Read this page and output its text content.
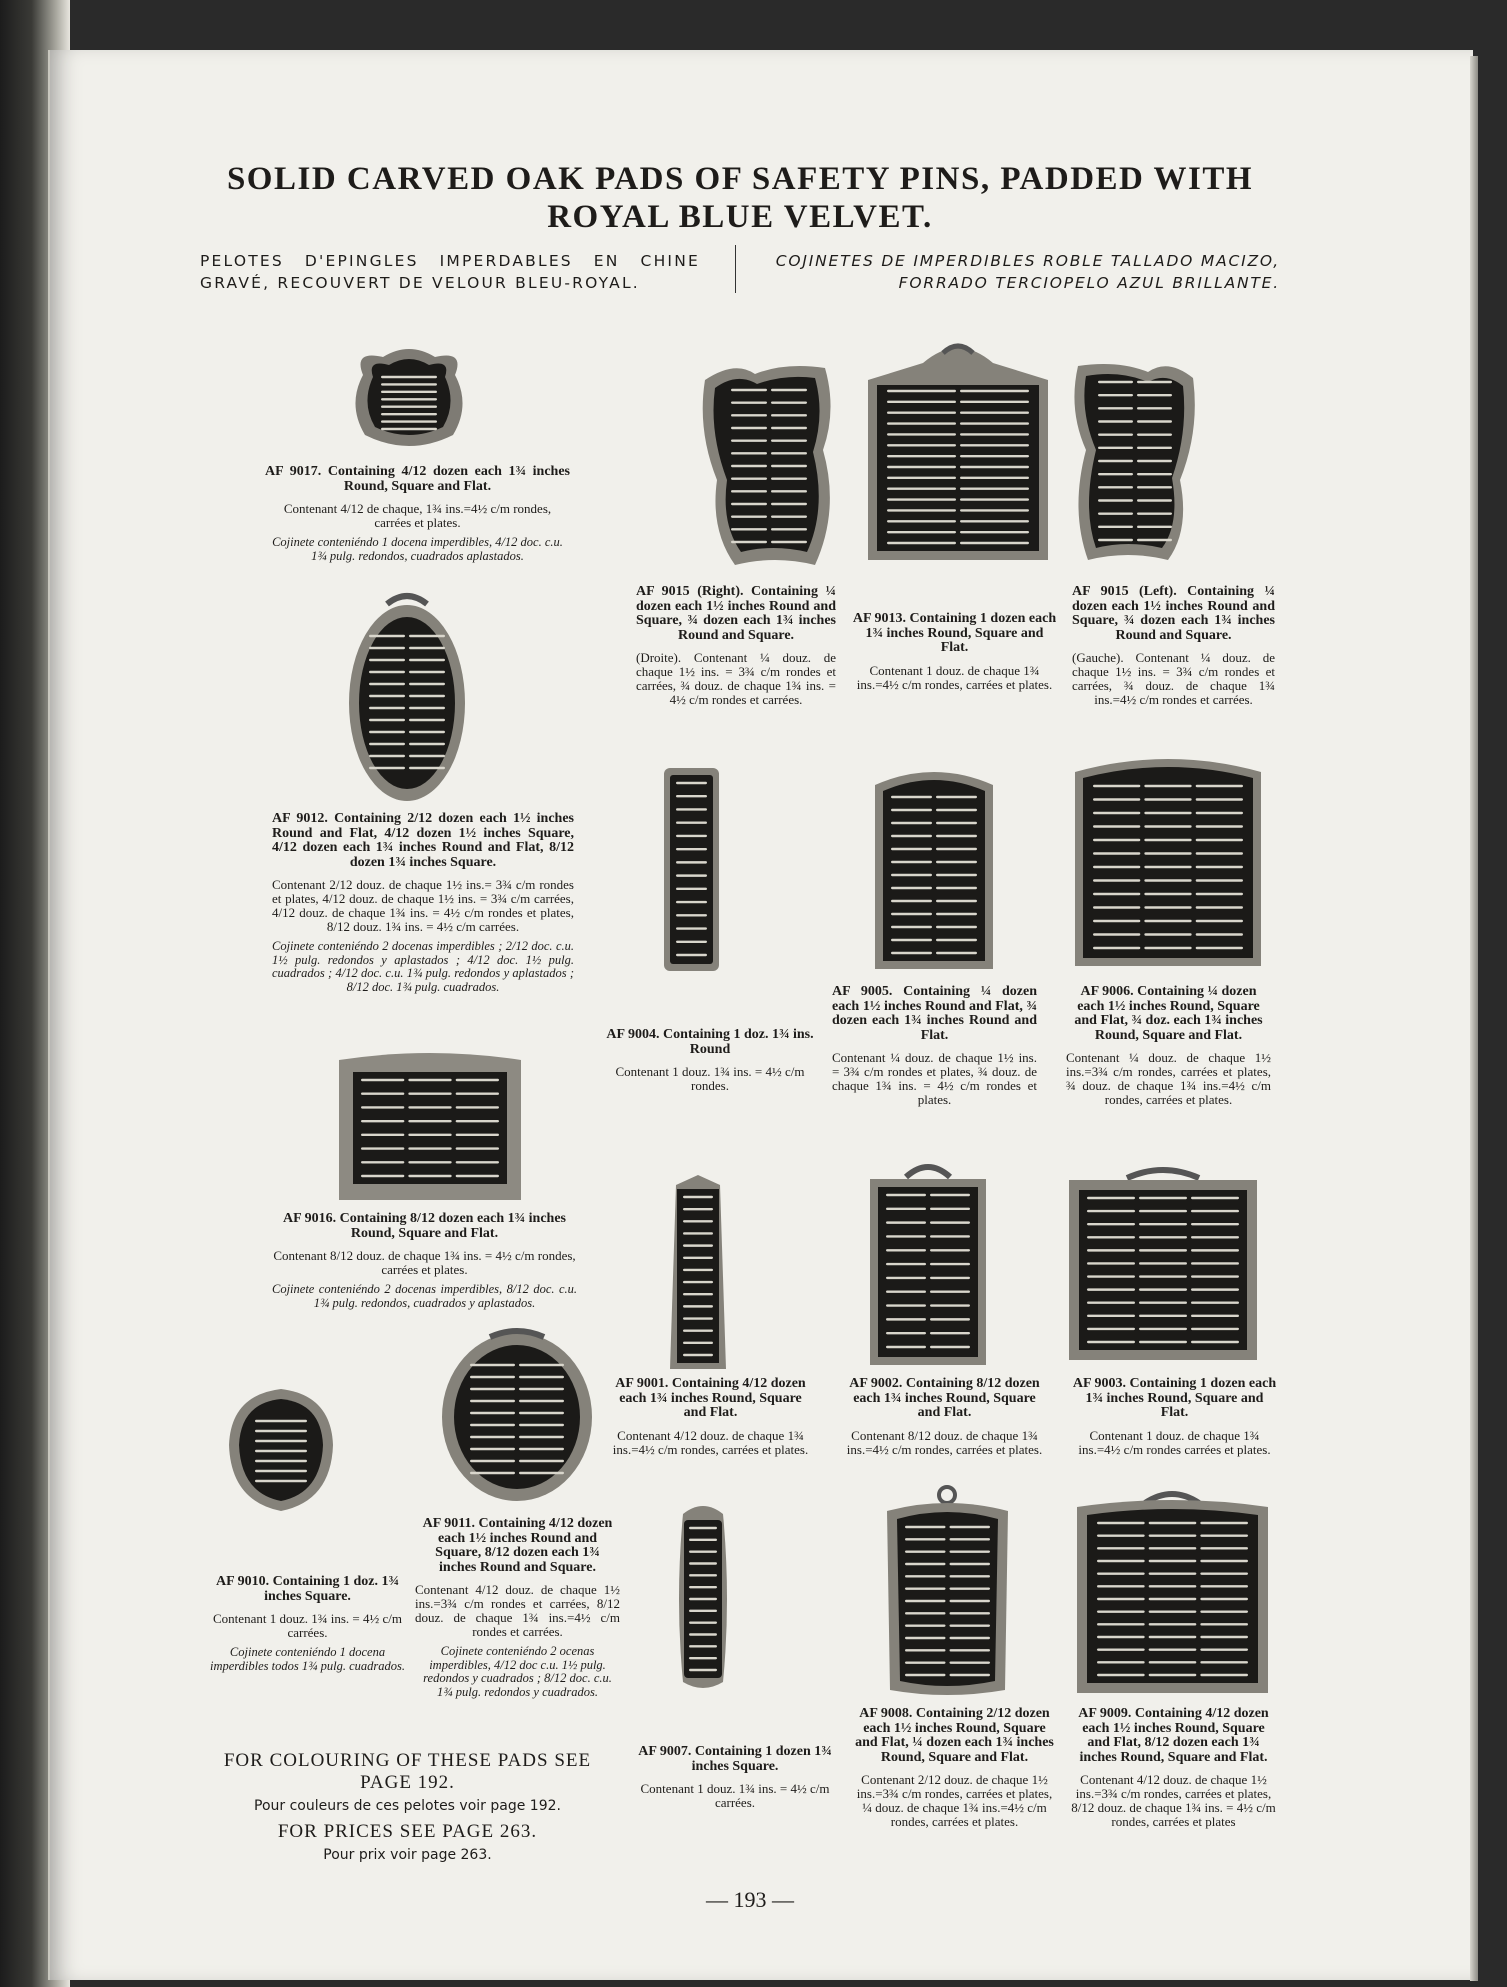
SOLID CARVED OAK PADS OF SAFETY PINS, PADDED WITH ROYAL BLUE VELVET.
PELOTES D'EPINGLES IMPERDABLES EN CHINE GRAVÉ, RECOUVERT DE VELOUR BLEU-ROYAL.
COJINETES DE IMPERDIBLES ROBLE TALLADO MACIZO, FORRADO TERCIOPELO AZUL BRILLANTE.
AF 9017. Containing 4/12 dozen each 1¾ inches Round, Square and Flat.
Contenant 4/12 de chaque, 1¾ ins.=4½ c/m rondes, carrées et plates.
Cojinete conteniéndo 1 docena imperdibles, 4/12 doc. c.u. 1¾ pulg. redondos, cuadrados aplastados.
AF 9015 (Right). Containing ¼ dozen each 1½ inches Round and Square, ¾ dozen each 1¾ inches Round and Square.
(Droite). Contenant ¼ douz. de chaque 1½ ins. = 3¾ c/m rondes et carrées, ¾ douz. de chaque 1¾ ins. = 4½ c/m rondes et carrées.
AF 9013. Containing 1 dozen each 1¾ inches Round, Square and Flat.
Contenant 1 douz. de chaque 1¾ ins.=4½ c/m rondes, carrées et plates.
AF 9015 (Left). Containing ¼ dozen each 1½ inches Round and Square, ¾ dozen each 1¾ inches Round and Square.
(Gauche). Contenant ¼ douz. de chaque 1½ ins. = 3¾ c/m rondes et carrées, ¾ douz. de chaque 1¾ ins.=4½ c/m rondes et carrées.
AF 9012. Containing 2/12 dozen each 1½ inches Round and Flat, 4/12 dozen 1½ inches Square, 4/12 dozen each 1¾ inches Round and Flat, 8/12 dozen 1¾ inches Square.
Contenant 2/12 douz. de chaque 1½ ins.= 3¾ c/m rondes et plates, 4/12 douz. de chaque 1½ ins. = 3¾ c/m carrées, 4/12 douz. de chaque 1¾ ins. = 4½ c/m rondes et plates, 8/12 douz. 1¾ ins. = 4½ c/m carrées.
Cojinete conteniéndo 2 docenas imperdibles ; 2/12 doc. c.u. 1½ pulg. redondos y aplastados ; 4/12 doc. 1½ pulg. cuadrados ; 4/12 doc. c.u. 1¾ pulg. redondos y aplastados ; 8/12 doc. 1¾ pulg. cuadrados.
AF 9004. Containing 1 doz. 1¾ ins. Round
Contenant 1 douz. 1¾ ins. = 4½ c/m rondes.
AF 9005. Containing ¼ dozen each 1½ inches Round and Flat, ¾ dozen each 1¾ inches Round and Flat.
Contenant ¼ douz. de chaque 1½ ins. = 3¾ c/m rondes et plates, ¾ douz. de chaque 1¾ ins. = 4½ c/m rondes et plates.
AF 9006. Containing ¼ dozen each 1½ inches Round, Square and Flat, ¾ doz. each 1¾ inches Round, Square and Flat.
Contenant ¼ douz. de chaque 1½ ins.=3¾ c/m rondes, carrées et plates, ¾ douz. de chaque 1¾ ins.=4½ c/m rondes, carrées et plates.
AF 9016. Containing 8/12 dozen each 1¾ inches Round, Square and Flat.
Contenant 8/12 douz. de chaque 1¾ ins. = 4½ c/m rondes, carrées et plates.
Cojinete conteniéndo 2 docenas imperdibles, 8/12 doc. c.u. 1¾ pulg. redondos, cuadrados y aplastados.
AF 9001. Containing 4/12 dozen each 1¾ inches Round, Square and Flat.
Contenant 4/12 douz. de chaque 1¾ ins.=4½ c/m rondes, carrées et plates.
AF 9002. Containing 8/12 dozen each 1¾ inches Round, Square and Flat.
Contenant 8/12 douz. de chaque 1¾ ins.=4½ c/m rondes, carrées et plates.
AF 9003. Containing 1 dozen each 1¾ inches Round, Square and Flat.
Contenant 1 douz. de chaque 1¾ ins.=4½ c/m rondes carrées et plates.
AF 9010. Containing 1 doz. 1¾ inches Square.
Contenant 1 douz. 1¾ ins. = 4½ c/m carrées.
Cojinete conteniéndo 1 docena imperdibles todos 1¾ pulg. cuadrados.
AF 9011. Containing 4/12 dozen each 1½ inches Round and Square, 8/12 dozen each 1¾ inches Round and Square.
Contenant 4/12 douz. de chaque 1½ ins.=3¾ c/m rondes et carrées, 8/12 douz. de chaque 1¾ ins.=4½ c/m rondes et carrées.
Cojinete conteniéndo 2 ocenas imperdibles, 4/12 doc c.u. 1½ pulg. redondos y cuadrados ; 8/12 doc. c.u. 1¾ pulg. redondos y cuadrados.
AF 9007. Containing 1 dozen 1¾ inches Square.
Contenant 1 douz. 1¾ ins. = 4½ c/m carrées.
AF 9008. Containing 2/12 dozen each 1½ inches Round, Square and Flat, ¼ dozen each 1¾ inches Round, Square and Flat.
Contenant 2/12 douz. de chaque 1½ ins.=3¾ c/m rondes, carrées et plates, ¼ douz. de chaque 1¾ ins.=4½ c/m rondes, carrées et plates.
AF 9009. Containing 4/12 dozen each 1½ inches Round, Square and Flat, 8/12 dozen each 1¾ inches Round, Square and Flat.
Contenant 4/12 douz. de chaque 1½ ins.=3¾ c/m rondes, carrées et plates, 8/12 douz. de chaque 1¾ ins. = 4½ c/m rondes, carrées et plates
FOR COLOURING OF THESE PADS SEE PAGE 192.
Pour couleurs de ces pelotes voir page 192.
FOR PRICES SEE PAGE 263.
Pour prix voir page 263.
— 193 —
